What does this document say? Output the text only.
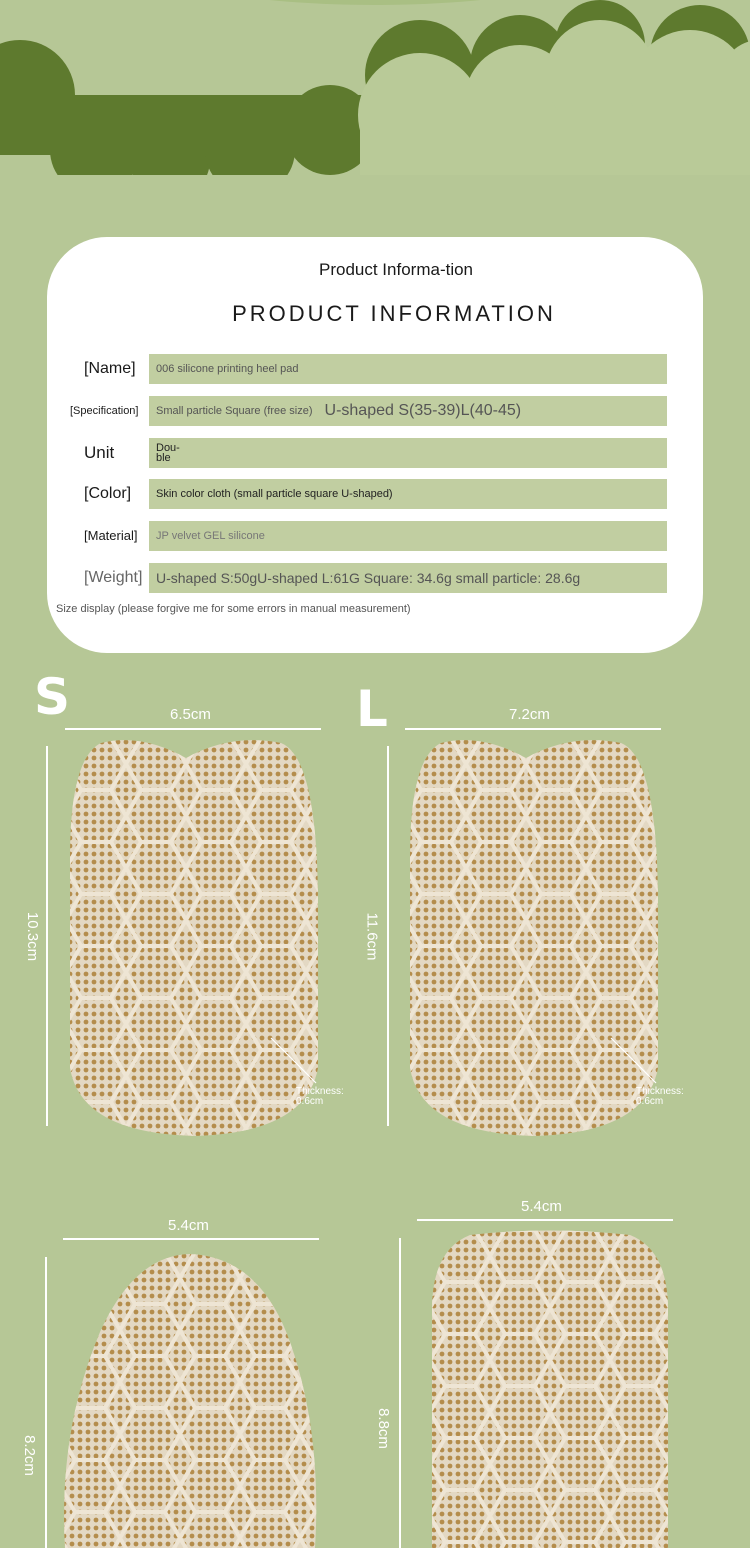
Product Informa-tion
PRODUCT INFORMATION
[Name]	006 silicone printing heel pad
[Specification] Small particle Square (free size) U-shaped S(35-39)L(40-45)
Unit	Dou-ble
[Color]	Skin color cloth (small particle square U-shaped)
[Material]	JP velvet GEL silicone
[Weight] U-shaped S:50gU-shaped L:61G Square: 34.6g small particle: 28.6g
Size display (please forgive me for some errors in manual measurement)
S	6.5cm
10.3cm
Thickness:
0.6cm
L	7.2cm
11.6cm
Thickness:
0.6cm
5.4cm
8.2cm
5.4cm
8.8cm
